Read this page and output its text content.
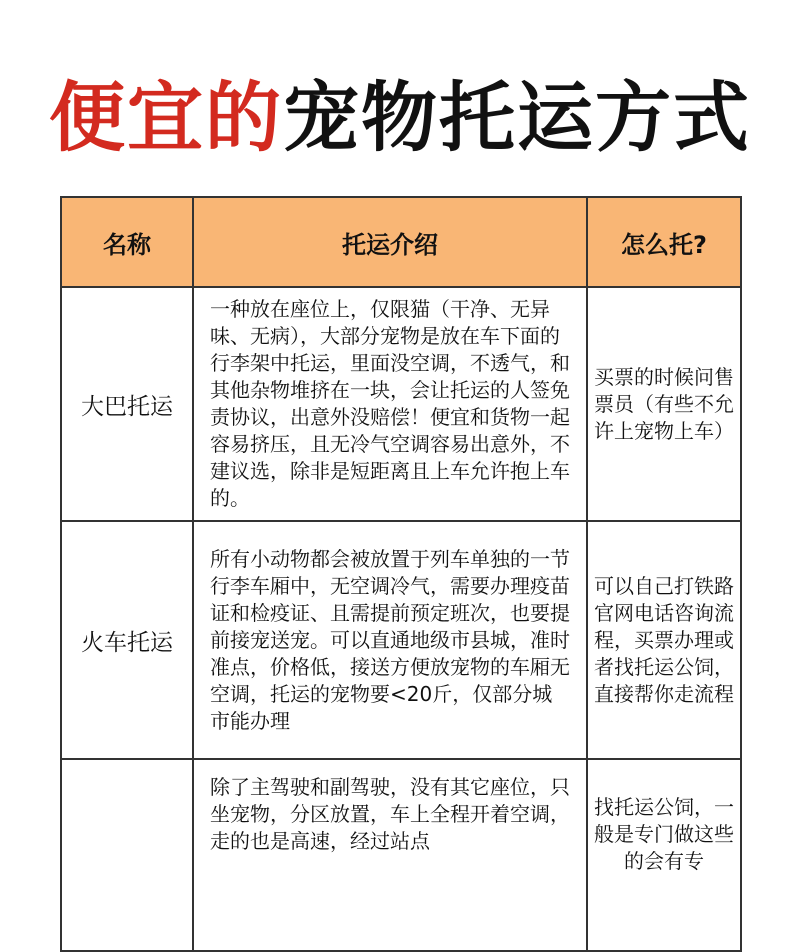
便宜的宠物托运方式
名称	托运介绍	怎么托?
大巴托运	一种放在座位上，仅限猫（干净、无异味、无病），大部分宠物是放在车下面的行李架中托运，里面没空调，不透气，和其他杂物堆挤在一块，会让托运的人签免责协议，出意外没赔偿！便宜和货物一起容易挤压，且无冷气空调容易出意外，不建议选，除非是短距离且上车允许抱上车的。	买票的时候问售票员（有些不允许上宠物上车）
火车托运	所有小动物都会被放置于列车单独的一节行李车厢中，无空调冷气，需要办理疫苗证和检疫证、且需提前预定班次，也要提前接宠送宠。可以直通地级市县城，准时准点，价格低，接送方便放宠物的车厢无空调，托运的宠物要<20斤，仅部分城市能办理	可以自己打铁路官网电话咨询流程，买票办理或者找托运公饲，直接帮你走流程
	除了主驾驶和副驾驶，没有其它座位，只坐宠物，分区放置，车上全程开着空调，走的也是高速，经过站点	找托运公饲，一般是专门做这些的会有专
